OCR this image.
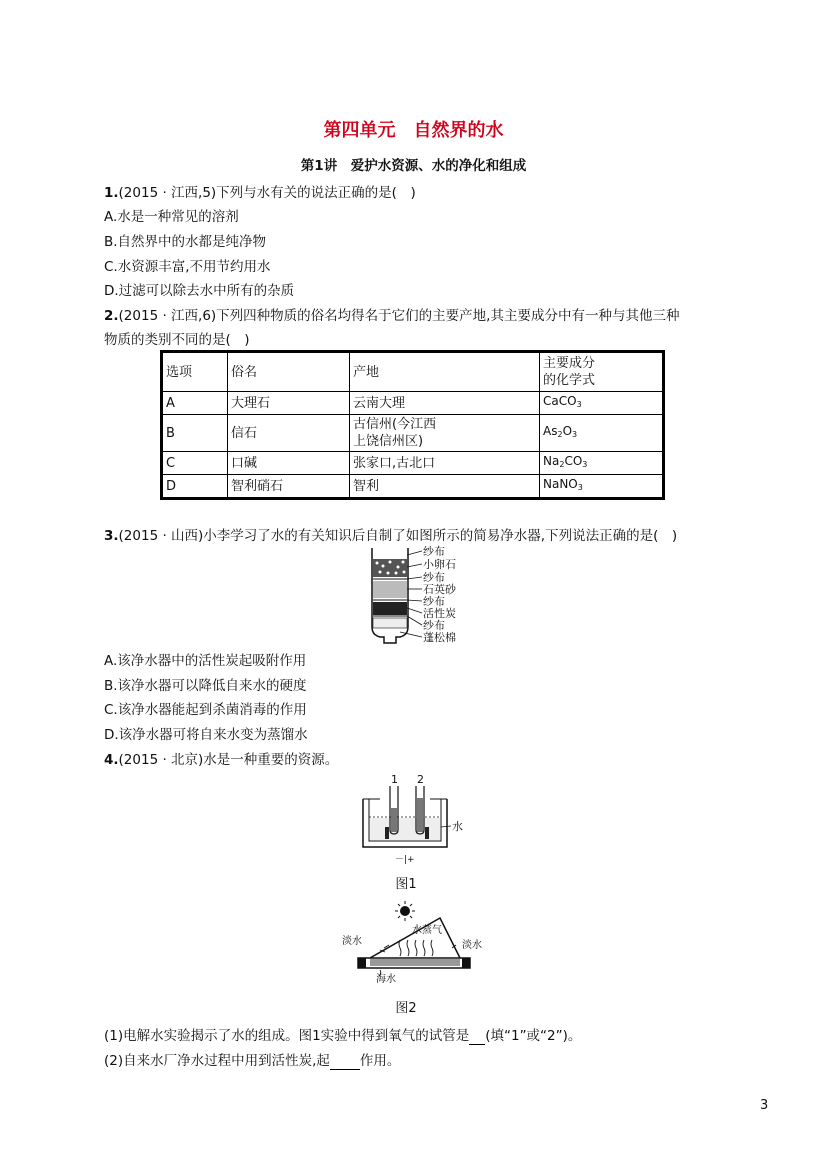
第四单元　自然界的水
第1讲　爱护水资源、水的净化和组成
1.(2015 · 江西,5)下列与水有关的说法正确的是(　)
A.水是一种常见的溶剂
B.自然界中的水都是纯净物
C.水资源丰富,不用节约用水
D.过滤可以除去水中所有的杂质
2.(2015 · 江西,6)下列四种物质的俗名均得名于它们的主要产地,其主要成分中有一种与其他三种
物质的类别不同的是(　)
选项	俗名	产地	主要成分
的化学式
A	大理石	云南大理	CaCO$_3$
B	信石	古信州(今江西
上饶信州区)	$As_2O_3$
C	口碱	张家口,古北口	$Na_2CO_3$
D	智利硝石	智利	NaNO$_3$
3.(2015 · 山西)小李学习了水的有关知识后自制了如图所示的简易净水器,下列说法正确的是(　)
纱布
小卵石
纱布
石英砂
纱布
活性炭
纱布
蓬松棉
A.该净水器中的活性炭起吸附作用
B.该净水器可以降低自来水的硬度
C.该净水器能起到杀菌消毒的作用
D.该净水器可将自来水变为蒸馏水
4.(2015 · 北京)水是一种重要的资源。
1 2
水
－|+
图1
淡水
水蒸气
淡水
海水
图2
(1)电解水实验揭示了水的组成。图1实验中得到氧气的试管是 (填“1”或“2”)。
(2)自来水厂净水过程中用到活性炭,起 作用。
3
